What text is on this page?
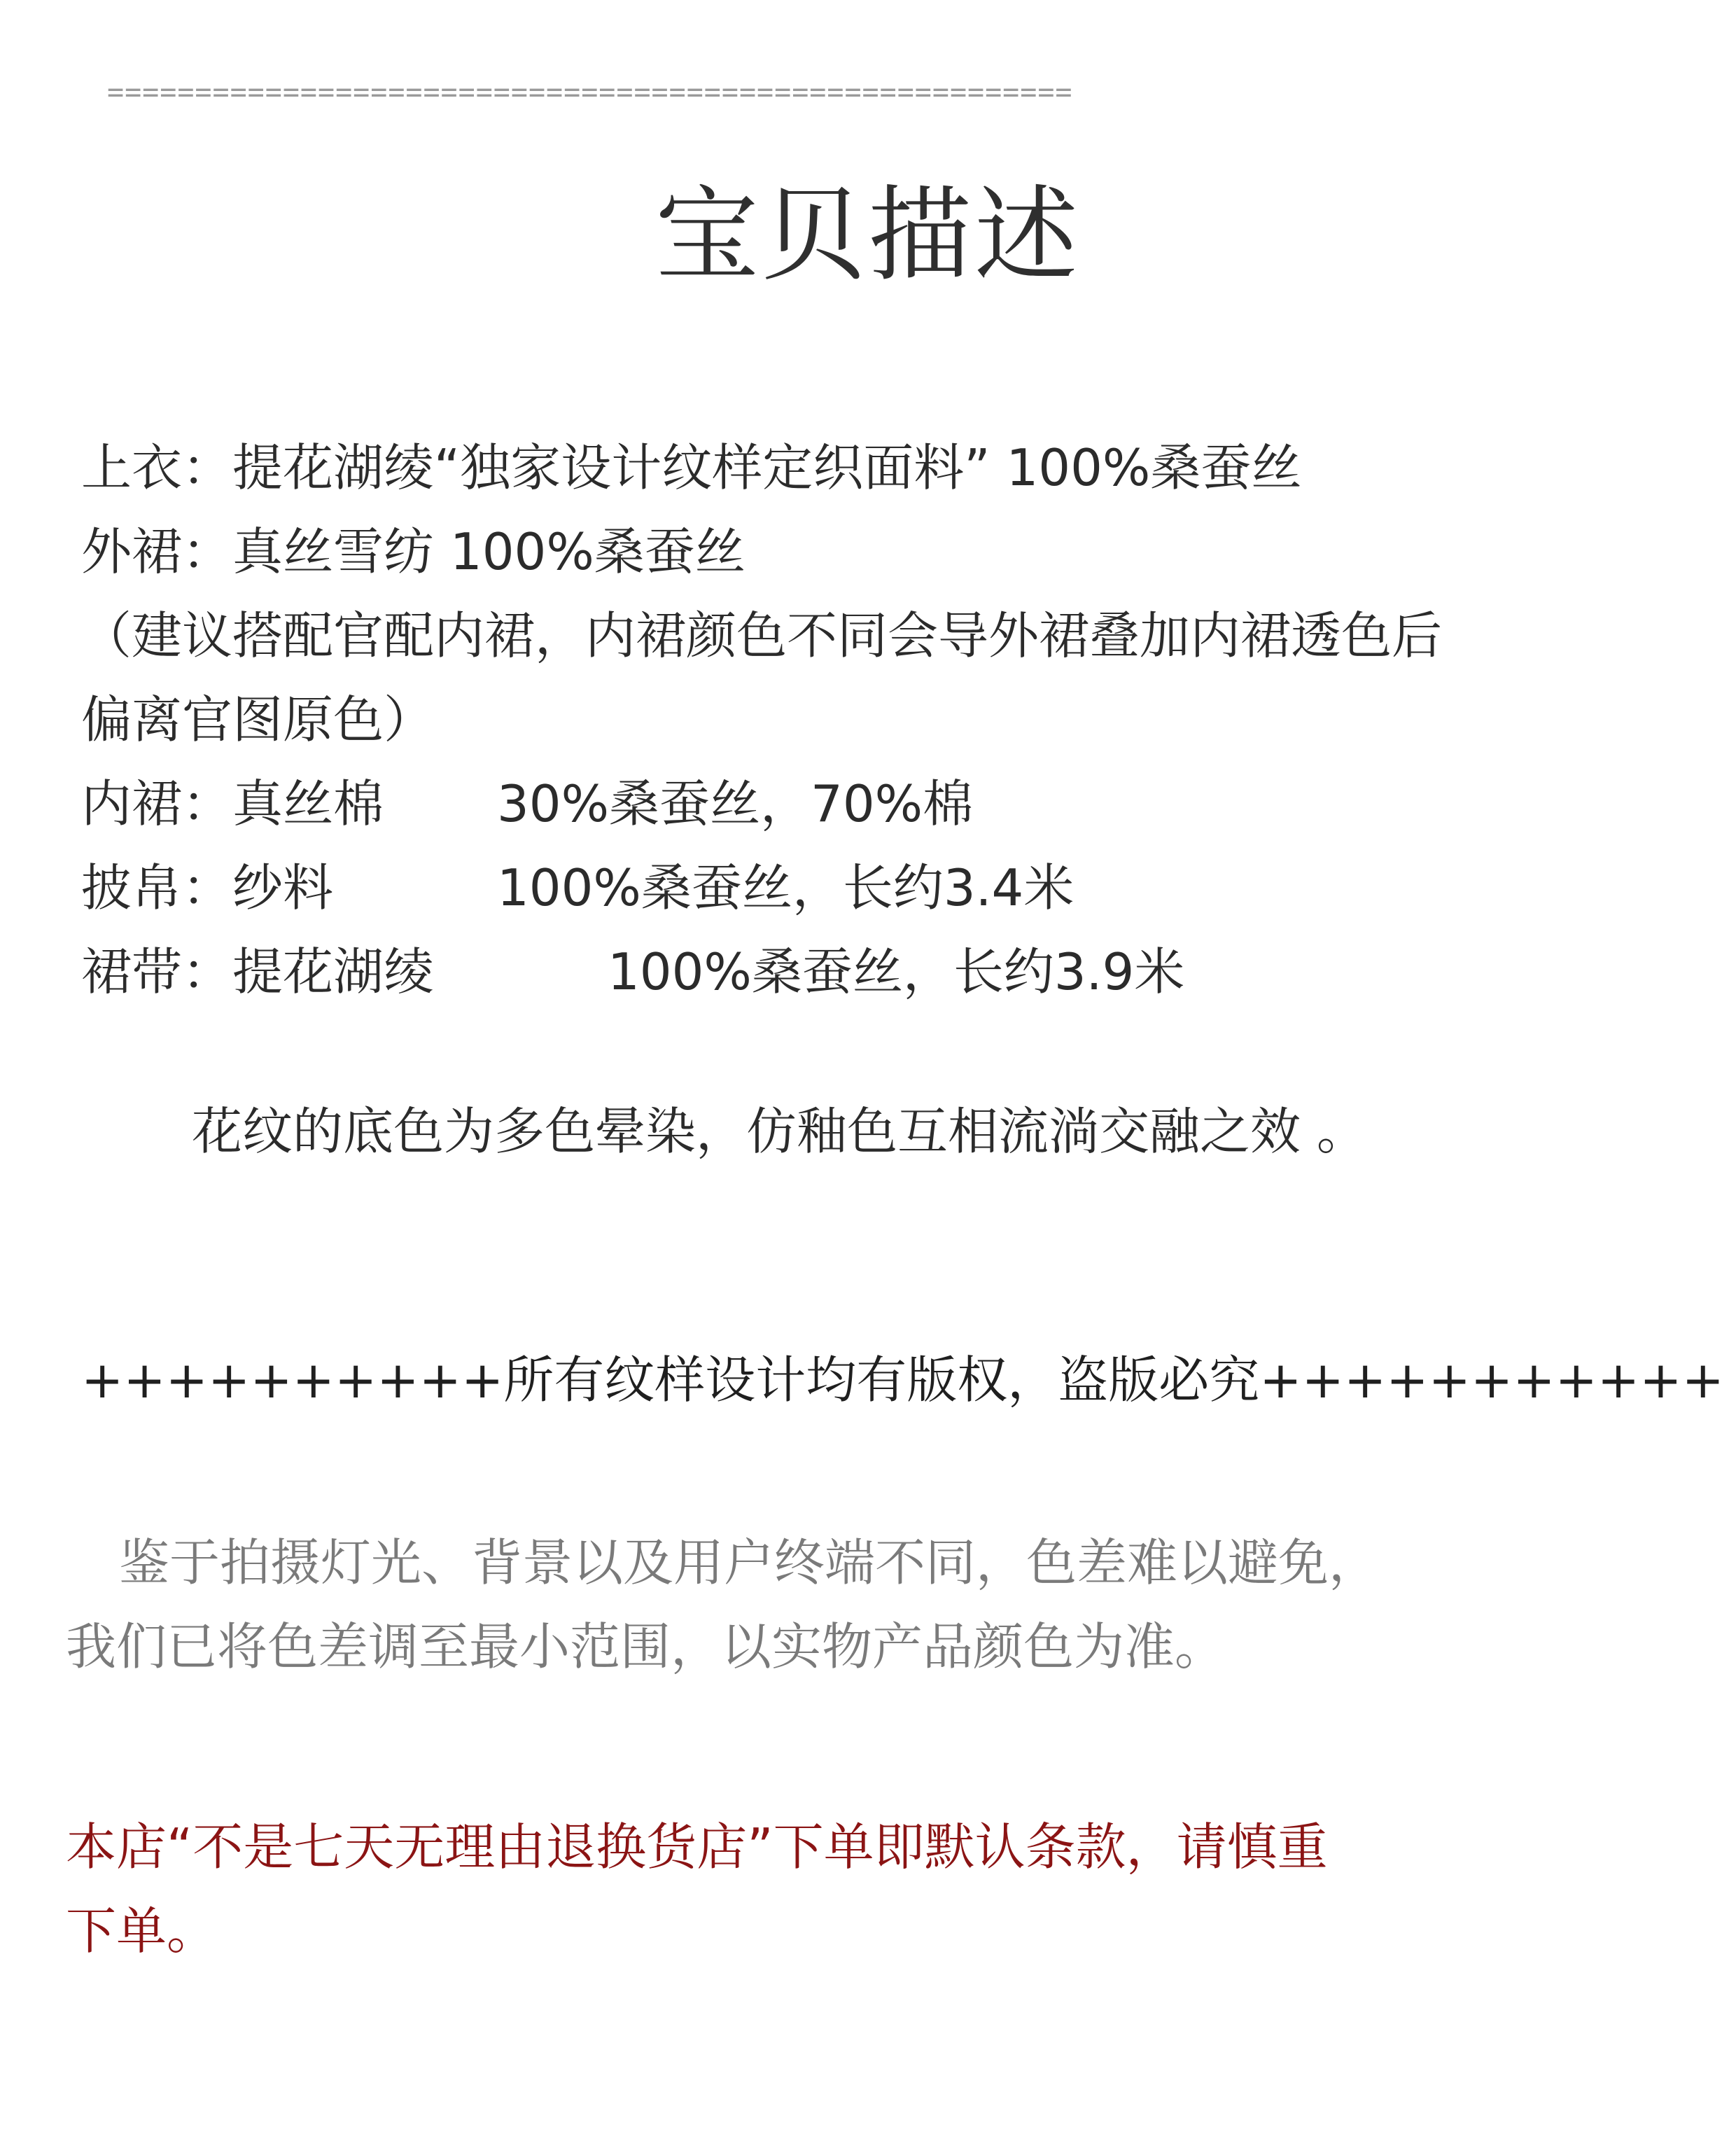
=======================================================
宝贝描述
上衣：提花湖绫“独家设计纹样定织面料” 100%桑蚕丝
外裙：真丝雪纺 100%桑蚕丝
（建议搭配官配内裙，内裙颜色不同会导外裙叠加内裙透色后
偏离官图原色）
内裙：真丝棉 30%桑蚕丝，70%棉
披帛：纱料	100%桑蚕丝，长约3.4米
裙带：提花湖绫	100%桑蚕丝，长约3.9米
花纹的底色为多色晕染，仿釉色互相流淌交融之效 。
++++++++++所有纹样设计均有版权，盗版必究+++++++++++
鉴于拍摄灯光、背景以及用户终端不同，色差难以避免，
我们已将色差调至最小范围，以实物产品颜色为准。
本店“不是七天无理由退换货店”下单即默认条款，请慎重
下单。
